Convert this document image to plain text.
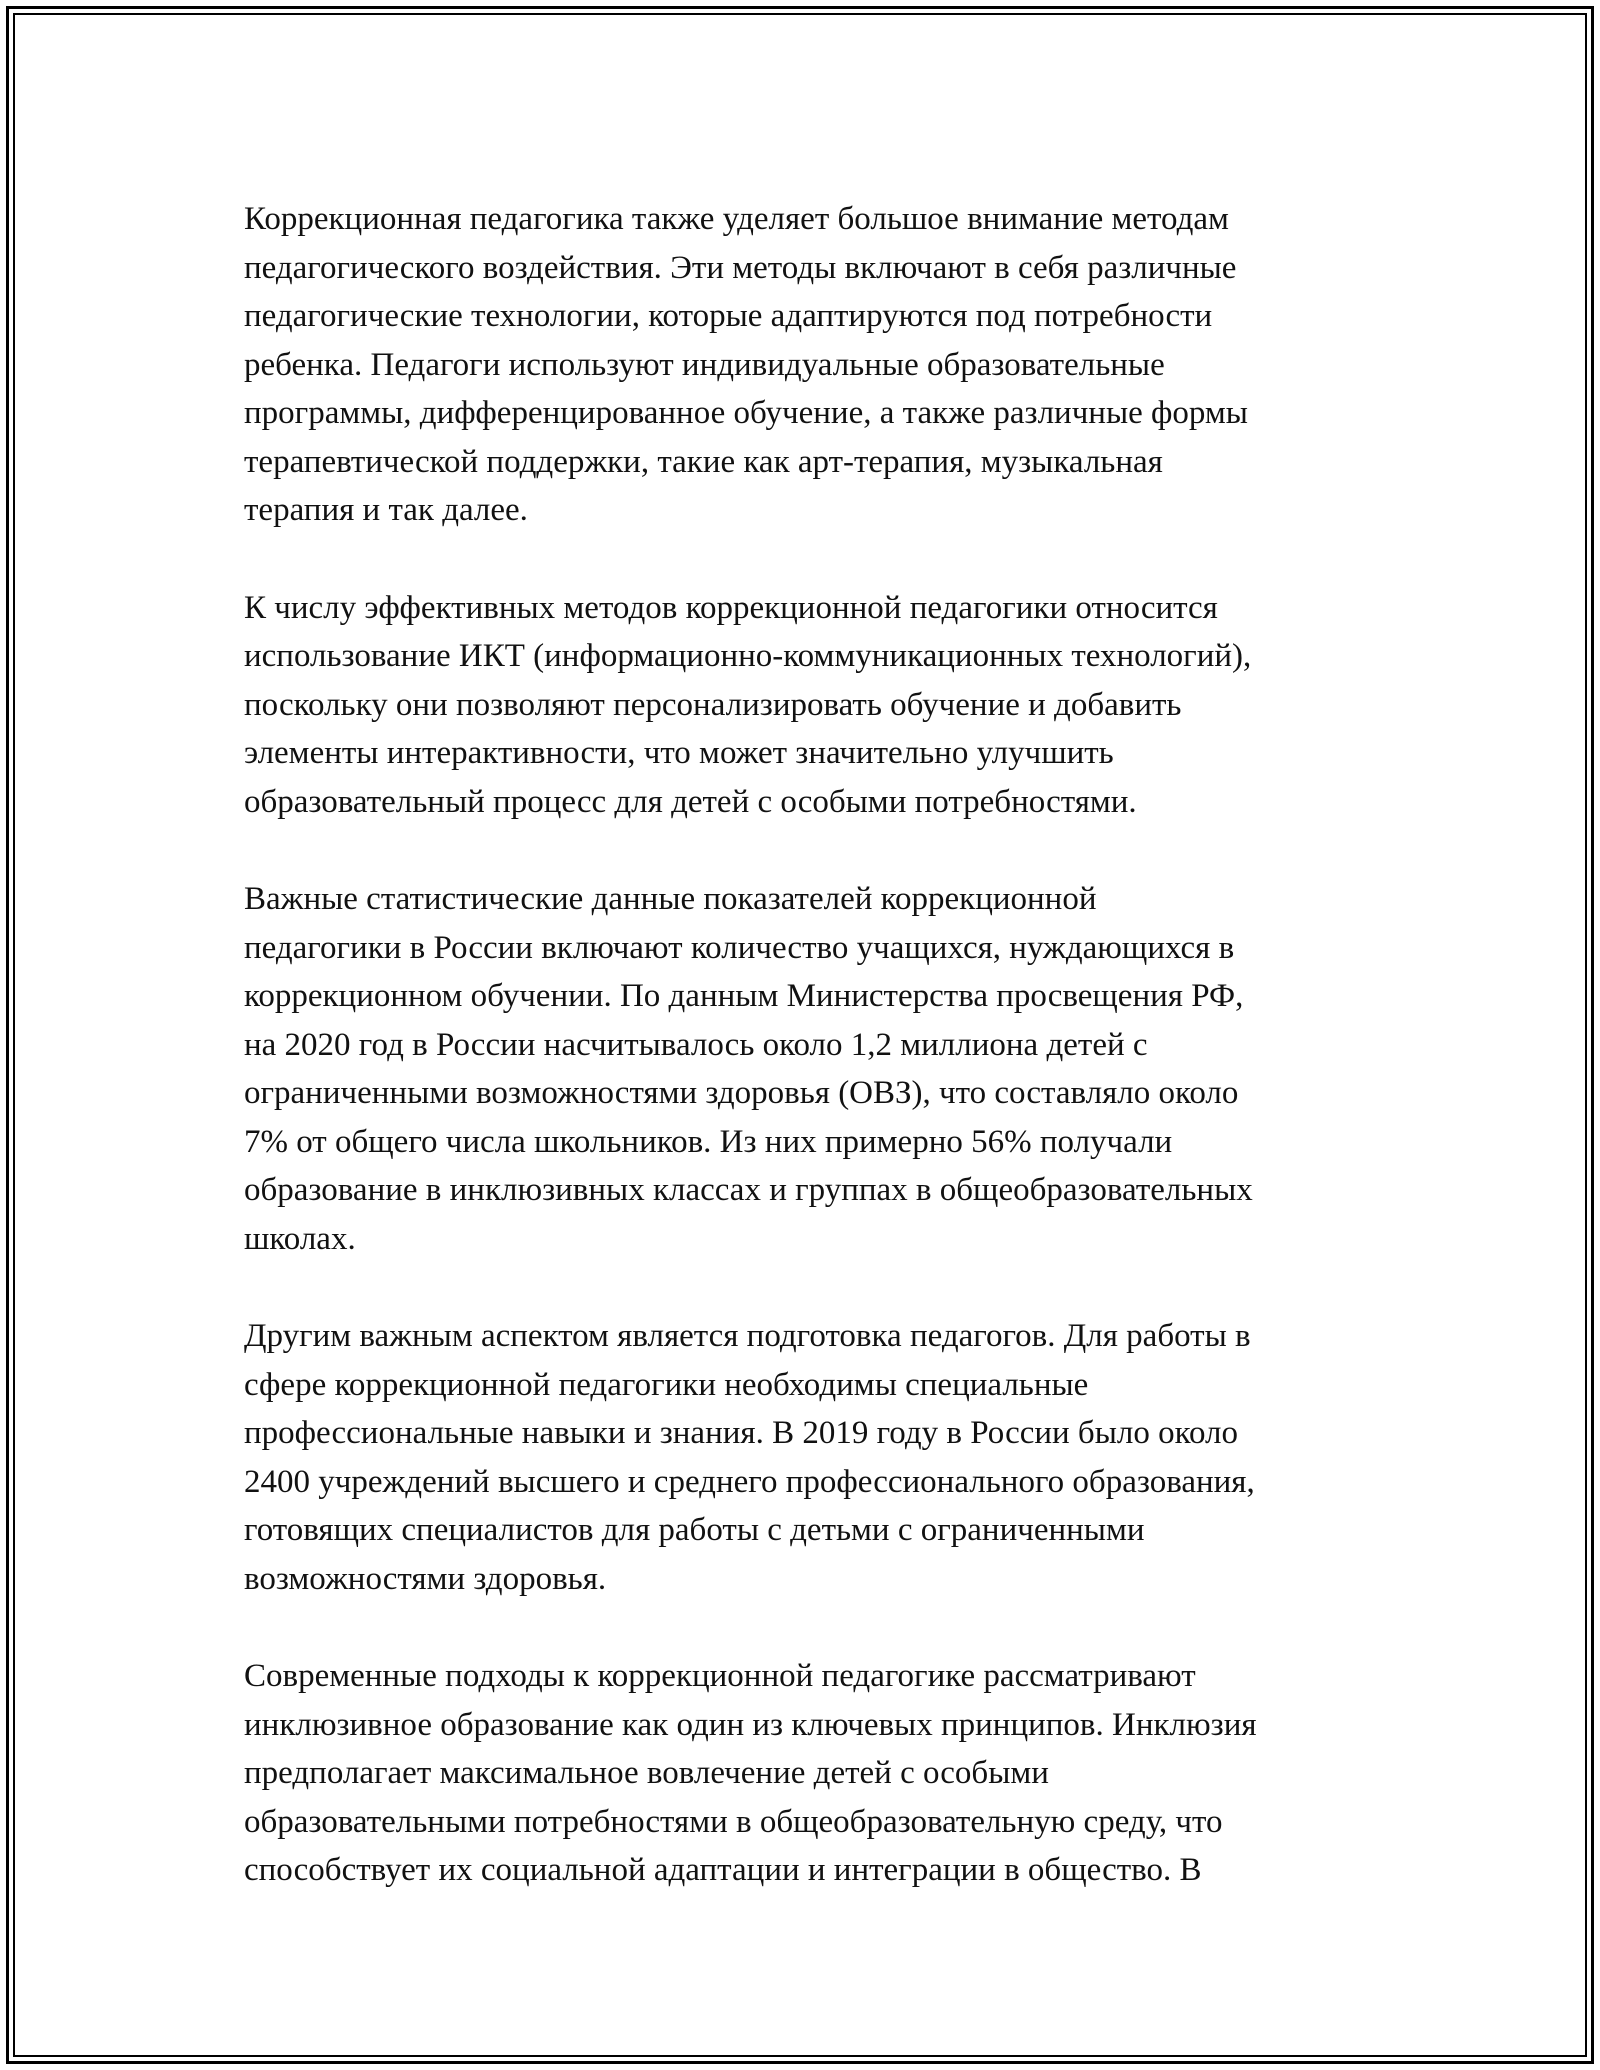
Коррекционная педагогика также уделяет большое внимание методам
педагогического воздействия. Эти методы включают в себя различные
педагогические технологии, которые адаптируются под потребности
ребенка. Педагоги используют индивидуальные образовательные
программы, дифференцированное обучение, а также различные формы
терапевтической поддержки, такие как арт-терапия, музыкальная
терапия и так далее.

К числу эффективных методов коррекционной педагогики относится
использование ИКТ (информационно-коммуникационных технологий),
поскольку они позволяют персонализировать обучение и добавить
элементы интерактивности, что может значительно улучшить
образовательный процесс для детей с особыми потребностями.

Важные статистические данные показателей коррекционной
педагогики в России включают количество учащихся, нуждающихся в
коррекционном обучении. По данным Министерства просвещения РФ,
на 2020 год в России насчитывалось около 1,2 миллиона детей с
ограниченными возможностями здоровья (ОВЗ), что составляло около
7% от общего числа школьников. Из них примерно 56% получали
образование в инклюзивных классах и группах в общеобразовательных
школах.

Другим важным аспектом является подготовка педагогов. Для работы в
сфере коррекционной педагогики необходимы специальные
профессиональные навыки и знания. В 2019 году в России было около
2400 учреждений высшего и среднего профессионального образования,
готовящих специалистов для работы с детьми с ограниченными
возможностями здоровья.

Современные подходы к коррекционной педагогике рассматривают
инклюзивное образование как один из ключевых принципов. Инклюзия
предполагает максимальное вовлечение детей с особыми
образовательными потребностями в общеобразовательную среду, что
способствует их социальной адаптации и интеграции в общество. В
